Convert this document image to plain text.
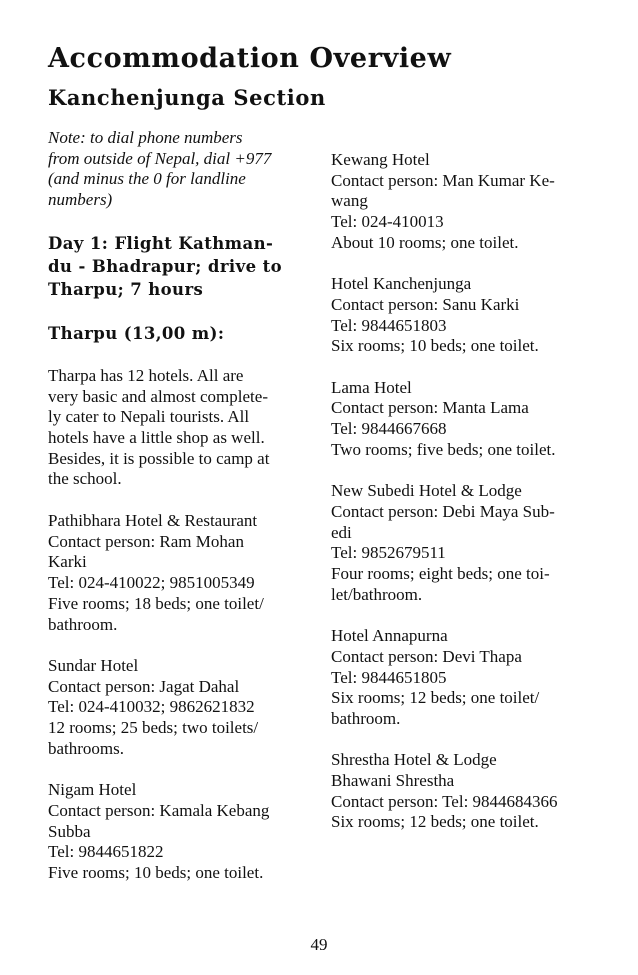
Accommodation Overview
Kanchenjunga Section
Note: to dial phone numbers
from outside of Nepal, dial +977
(and minus the 0 for landline
numbers)
Day 1: Flight Kathman-
du - Bhadrapur; drive to
Tharpu; 7 hours
Tharpu (13,00 m):
Tharpa has 12 hotels. All are
very basic and almost complete-
ly cater to Nepali tourists. All
hotels have a little shop as well.
Besides, it is possible to camp at
the school.
Pathibhara Hotel & Restaurant
Contact person: Ram Mohan
Karki
Tel: 024-410022; 9851005349
Five rooms; 18 beds; one toilet/
bathroom.
Sundar Hotel
Contact person: Jagat Dahal
Tel: 024-410032; 9862621832
12 rooms; 25 beds; two toilets/
bathrooms.
Nigam Hotel
Contact person: Kamala Kebang
Subba
Tel: 9844651822
Five rooms; 10 beds; one toilet.
Kewang Hotel
Contact person: Man Kumar Ke-
wang
Tel: 024-410013
About 10 rooms; one toilet.
Hotel Kanchenjunga
Contact person: Sanu Karki
Tel: 9844651803
Six rooms; 10 beds; one toilet.
Lama Hotel
Contact person: Manta Lama
Tel: 9844667668
Two rooms; five beds; one toilet.
New Subedi Hotel & Lodge
Contact person: Debi Maya Sub-
edi
Tel: 9852679511
Four rooms; eight beds; one toi-
let/bathroom.
Hotel Annapurna
Contact person: Devi Thapa
Tel: 9844651805
Six rooms; 12 beds; one toilet/
bathroom.
Shrestha Hotel & Lodge
Bhawani Shrestha
Contact person: Tel: 9844684366
Six rooms; 12 beds; one toilet.
49
